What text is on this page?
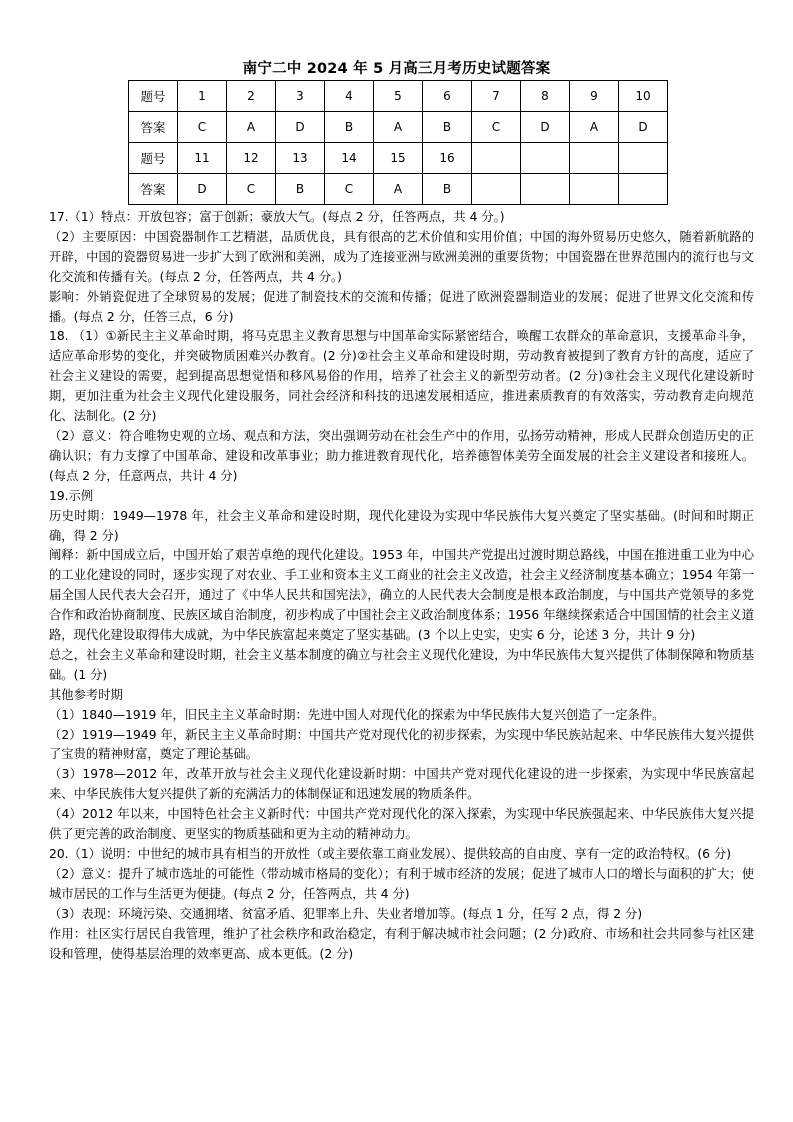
南宁二中 2024 年 5 月高三月考历史试题答案
题号	1	2	3	4	5	6	7	8	9	10
答案	C	A	D	B	A	B	C	D	A	D
题号	11	12	13	14	15	16				
答案	D	C	B	C	A	B				

17.（1）特点：开放包容；富于创新；豪放大气。(每点 2 分，任答两点，共 4 分。)

（2）主要原因：中国瓷器制作工艺精湛，品质优良，具有很高的艺术价值和实用价值；中国的海外贸易历史悠久，随着新航路的开辟，中国的瓷器贸易进一步扩大到了欧洲和美洲，成为了连接亚洲与欧洲美洲的重要货物；中国瓷器在世界范围内的流行也与文化交流和传播有关。(每点 2 分，任答两点，共 4 分。)

影响：外销瓷促进了全球贸易的发展；促进了制瓷技术的交流和传播；促进了欧洲瓷器制造业的发展；促进了世界文化交流和传播。(每点 2 分，任答三点，6 分)

18. （1）①新民主主义革命时期，将马克思主义教育思想与中国革命实际紧密结合，唤醒工农群众的革命意识，支援革命斗争，适应革命形势的变化，并突破物质困难兴办教育。(2 分)②社会主义革命和建设时期，劳动教育被提到了教育方针的高度，适应了社会主义建设的需要，起到提高思想觉悟和移风易俗的作用，培养了社会主义的新型劳动者。(2 分)③社会主义现代化建设新时期，更加注重为社会主义现代化建设服务，同社会经济和科技的迅速发展相适应，推进素质教育的有效落实，劳动教育走向规范化、法制化。(2 分)

（2）意义：符合唯物史观的立场、观点和方法，突出强调劳动在社会生产中的作用，弘扬劳动精神，形成人民群众创造历史的正确认识；有力支撑了中国革命、建设和改革事业；助力推进教育现代化，培养德智体美劳全面发展的社会主义建设者和接班人。(每点 2 分，任意两点，共计 4 分)

19.示例

历史时期：1949—1978 年，社会主义革命和建设时期，现代化建设为实现中华民族伟大复兴奠定了坚实基础。(时间和时期正确，得 2 分)

阐释：新中国成立后，中国开始了艰苦卓绝的现代化建设。1953 年，中国共产党提出过渡时期总路线，中国在推进重工业为中心的工业化建设的同时，逐步实现了对农业、手工业和资本主义工商业的社会主义改造，社会主义经济制度基本确立；1954 年第一届全国人民代表大会召开，通过了《中华人民共和国宪法》，确立的人民代表大会制度是根本政治制度，与中国共产党领导的多党合作和政治协商制度、民族区域自治制度，初步构成了中国社会主义政治制度体系；1956 年继续探索适合中国国情的社会主义道路，现代化建设取得伟大成就，为中华民族富起来奠定了坚实基础。(3 个以上史实，史实 6 分，论述 3 分，共计 9 分)

总之，社会主义革命和建设时期，社会主义基本制度的确立与社会主义现代化建设，为中华民族伟大复兴提供了体制保障和物质基础。(1 分)

其他参考时期

（1）1840—1919 年，旧民主主义革命时期：先进中国人对现代化的探索为中华民族伟大复兴创造了一定条件。

（2）1919—1949 年，新民主主义革命时期：中国共产党对现代化的初步探索，为实现中华民族站起来、中华民族伟大复兴提供了宝贵的精神财富，奠定了理论基础。

（3）1978—2012 年，改革开放与社会主义现代化建设新时期：中国共产党对现代化建设的进一步探索，为实现中华民族富起来、中华民族伟大复兴提供了新的充满活力的体制保证和迅速发展的物质条件。

（4）2012 年以来，中国特色社会主义新时代：中国共产党对现代化的深入探索，为实现中华民族强起来、中华民族伟大复兴提供了更完善的政治制度、更坚实的物质基础和更为主动的精神动力。

20.（1）说明：中世纪的城市具有相当的开放性（或主要依靠工商业发展）、提供较高的自由度、享有一定的政治特权。(6 分)

（2）意义：提升了城市选址的可能性（带动城市格局的变化）；有利于城市经济的发展；促进了城市人口的增长与面积的扩大；使城市居民的工作与生活更为便捷。(每点 2 分，任答两点，共 4 分)

（3）表现：环境污染、交通拥堵、贫富矛盾、犯罪率上升、失业者增加等。(每点 1 分，任写 2 点，得 2 分)

作用：社区实行居民自我管理，维护了社会秩序和政治稳定，有利于解决城市社会问题；(2 分)政府、市场和社会共同参与社区建设和管理，使得基层治理的效率更高、成本更低。(2 分)
